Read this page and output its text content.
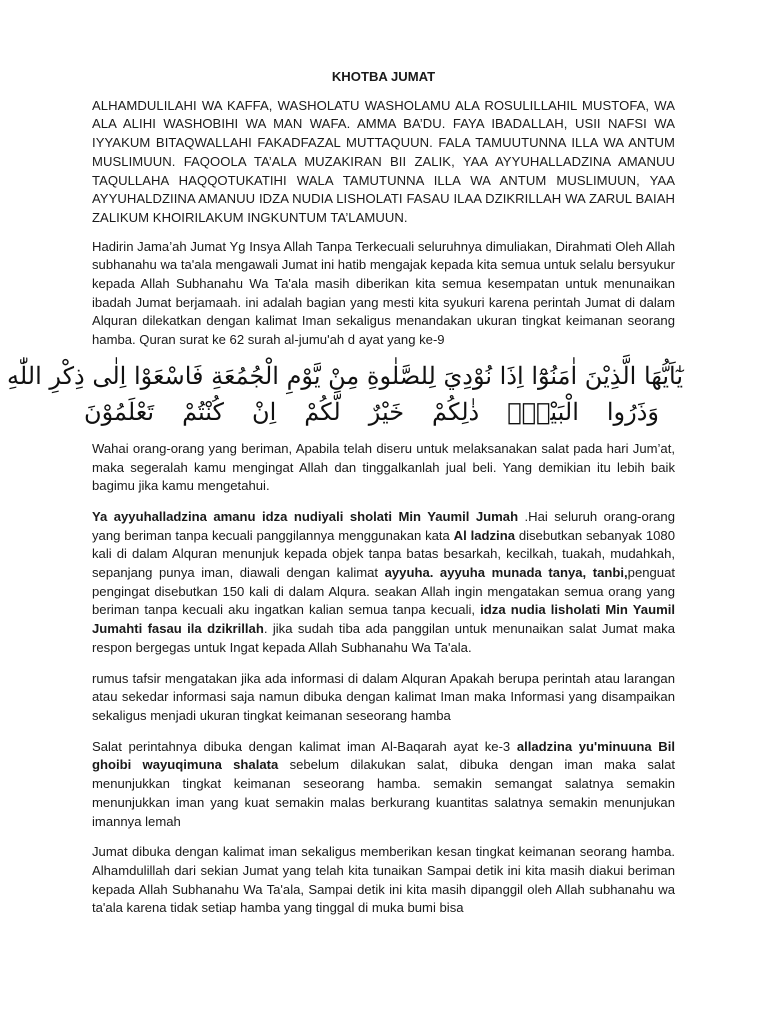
KHOTBA JUMAT

ALHAMDULILAHI WA KAFFA, WASHOLATU WASHOLAMU ALA ROSULILLAHIL MUSTOFA, WA ALA ALIHI WASHOBIHI WA MAN WAFA. AMMA BA’DU. FAYA IBADALLAH, USII NAFSI WA IYYAKUM BITAQWALLAHI FAKADFAZAL MUTTAQUUN. FALA TAMUUTUNNA ILLA WA ANTUM MUSLIMUUN. FAQOOLA TA’ALA MUZAKIRAN BII ZALIK, YAA AYYUHALLADZINA AMANUU TAQULLAHA HAQQOTUKATIHI WALA TAMUTUNNA ILLA WA ANTUM MUSLIMUUN, YAA AYYUHALDZIINA AMANUU IDZA NUDIA LISHOLATI FASAU ILAA DZIKRILLAH WA ZARUL BAIAH ZALIKUM KHOIRILAKUM INGKUNTUM TA’LAMUUN.

Hadirin Jama’ah Jumat Yg Insya Allah Tanpa Terkecuali seluruhnya dimuliakan, Dirahmati Oleh Allah subhanahu wa ta'ala mengawali Jumat ini hatib mengajak kepada kita semua untuk selalu bersyukur kepada Allah Subhanahu Wa Ta'ala masih diberikan kita semua kesempatan untuk menunaikan ibadah Jumat berjamaah. ini adalah bagian yang mesti kita syukuri karena perintah Jumat di dalam Alquran dilekatkan dengan kalimat Iman sekaligus menandakan ukuran tingkat keimanan seorang hamba. Quran surat ke 62 surah al-jumu'ah d ayat yang ke-9

يٰٓاَيُّهَا الَّذِيْنَ اٰمَنُوْٓا اِذَا نُوْدِيَ لِلصَّلٰوةِ مِنْ يَّوْمِ الْجُمُعَةِ فَاسْعَوْا اِلٰى ذِكْرِ اللّٰهِ
وَذَرُوا الْبَيْعَۗ ذٰلِكُمْ خَيْرٌ لَّكُمْ اِنْ كُنْتُمْ تَعْلَمُوْنَ

Wahai orang-orang yang beriman, Apabila telah diseru untuk melaksanakan salat pada hari Jum’at, maka segeralah kamu mengingat Allah dan tinggalkanlah jual beli. Yang demikian itu lebih baik bagimu jika kamu mengetahui.

Ya ayyuhalladzina amanu idza nudiyali sholati Min Yaumil Jumah .Hai seluruh orang-orang yang beriman tanpa kecuali panggilannya menggunakan kata Al ladzina disebutkan sebanyak 1080 kali di dalam Alquran menunjuk kepada objek tanpa batas besarkah, kecilkah, tuakah, mudahkah, sepanjang punya iman, diawali dengan kalimat ayyuha. ayyuha munada tanya, tanbi,penguat pengingat disebutkan 150 kali di dalam Alqura. seakan Allah ingin mengatakan semua orang yang beriman tanpa kecuali aku ingatkan kalian semua tanpa kecuali, idza nudia lisholati Min Yaumil Jumahti fasau ila dzikrillah. jika sudah tiba ada panggilan untuk menunaikan salat Jumat maka respon bergegas untuk Ingat kepada Allah Subhanahu Wa Ta'ala.

rumus tafsir mengatakan jika ada informasi di dalam Alquran Apakah berupa perintah atau larangan atau sekedar informasi saja namun dibuka dengan kalimat Iman maka Informasi yang disampaikan sekaligus menjadi ukuran tingkat keimanan seseorang hamba

Salat perintahnya dibuka dengan kalimat iman Al-Baqarah ayat ke-3 alladzina yu'minuuna Bil ghoibi wayuqimuna shalata sebelum dilakukan salat, dibuka dengan iman maka salat menunjukkan tingkat keimanan seseorang hamba. semakin semangat salatnya semakin menunjukkan iman yang kuat semakin malas berkurang kuantitas salatnya semakin menunjukan imannya lemah

Jumat dibuka dengan kalimat iman sekaligus memberikan kesan tingkat keimanan seorang hamba. Alhamdulillah dari sekian Jumat yang telah kita tunaikan Sampai detik ini kita masih diakui beriman kepada Allah Subhanahu Wa Ta'ala, Sampai detik ini kita masih dipanggil oleh Allah subhanahu wa ta'ala karena tidak setiap hamba yang tinggal di muka bumi bisa
